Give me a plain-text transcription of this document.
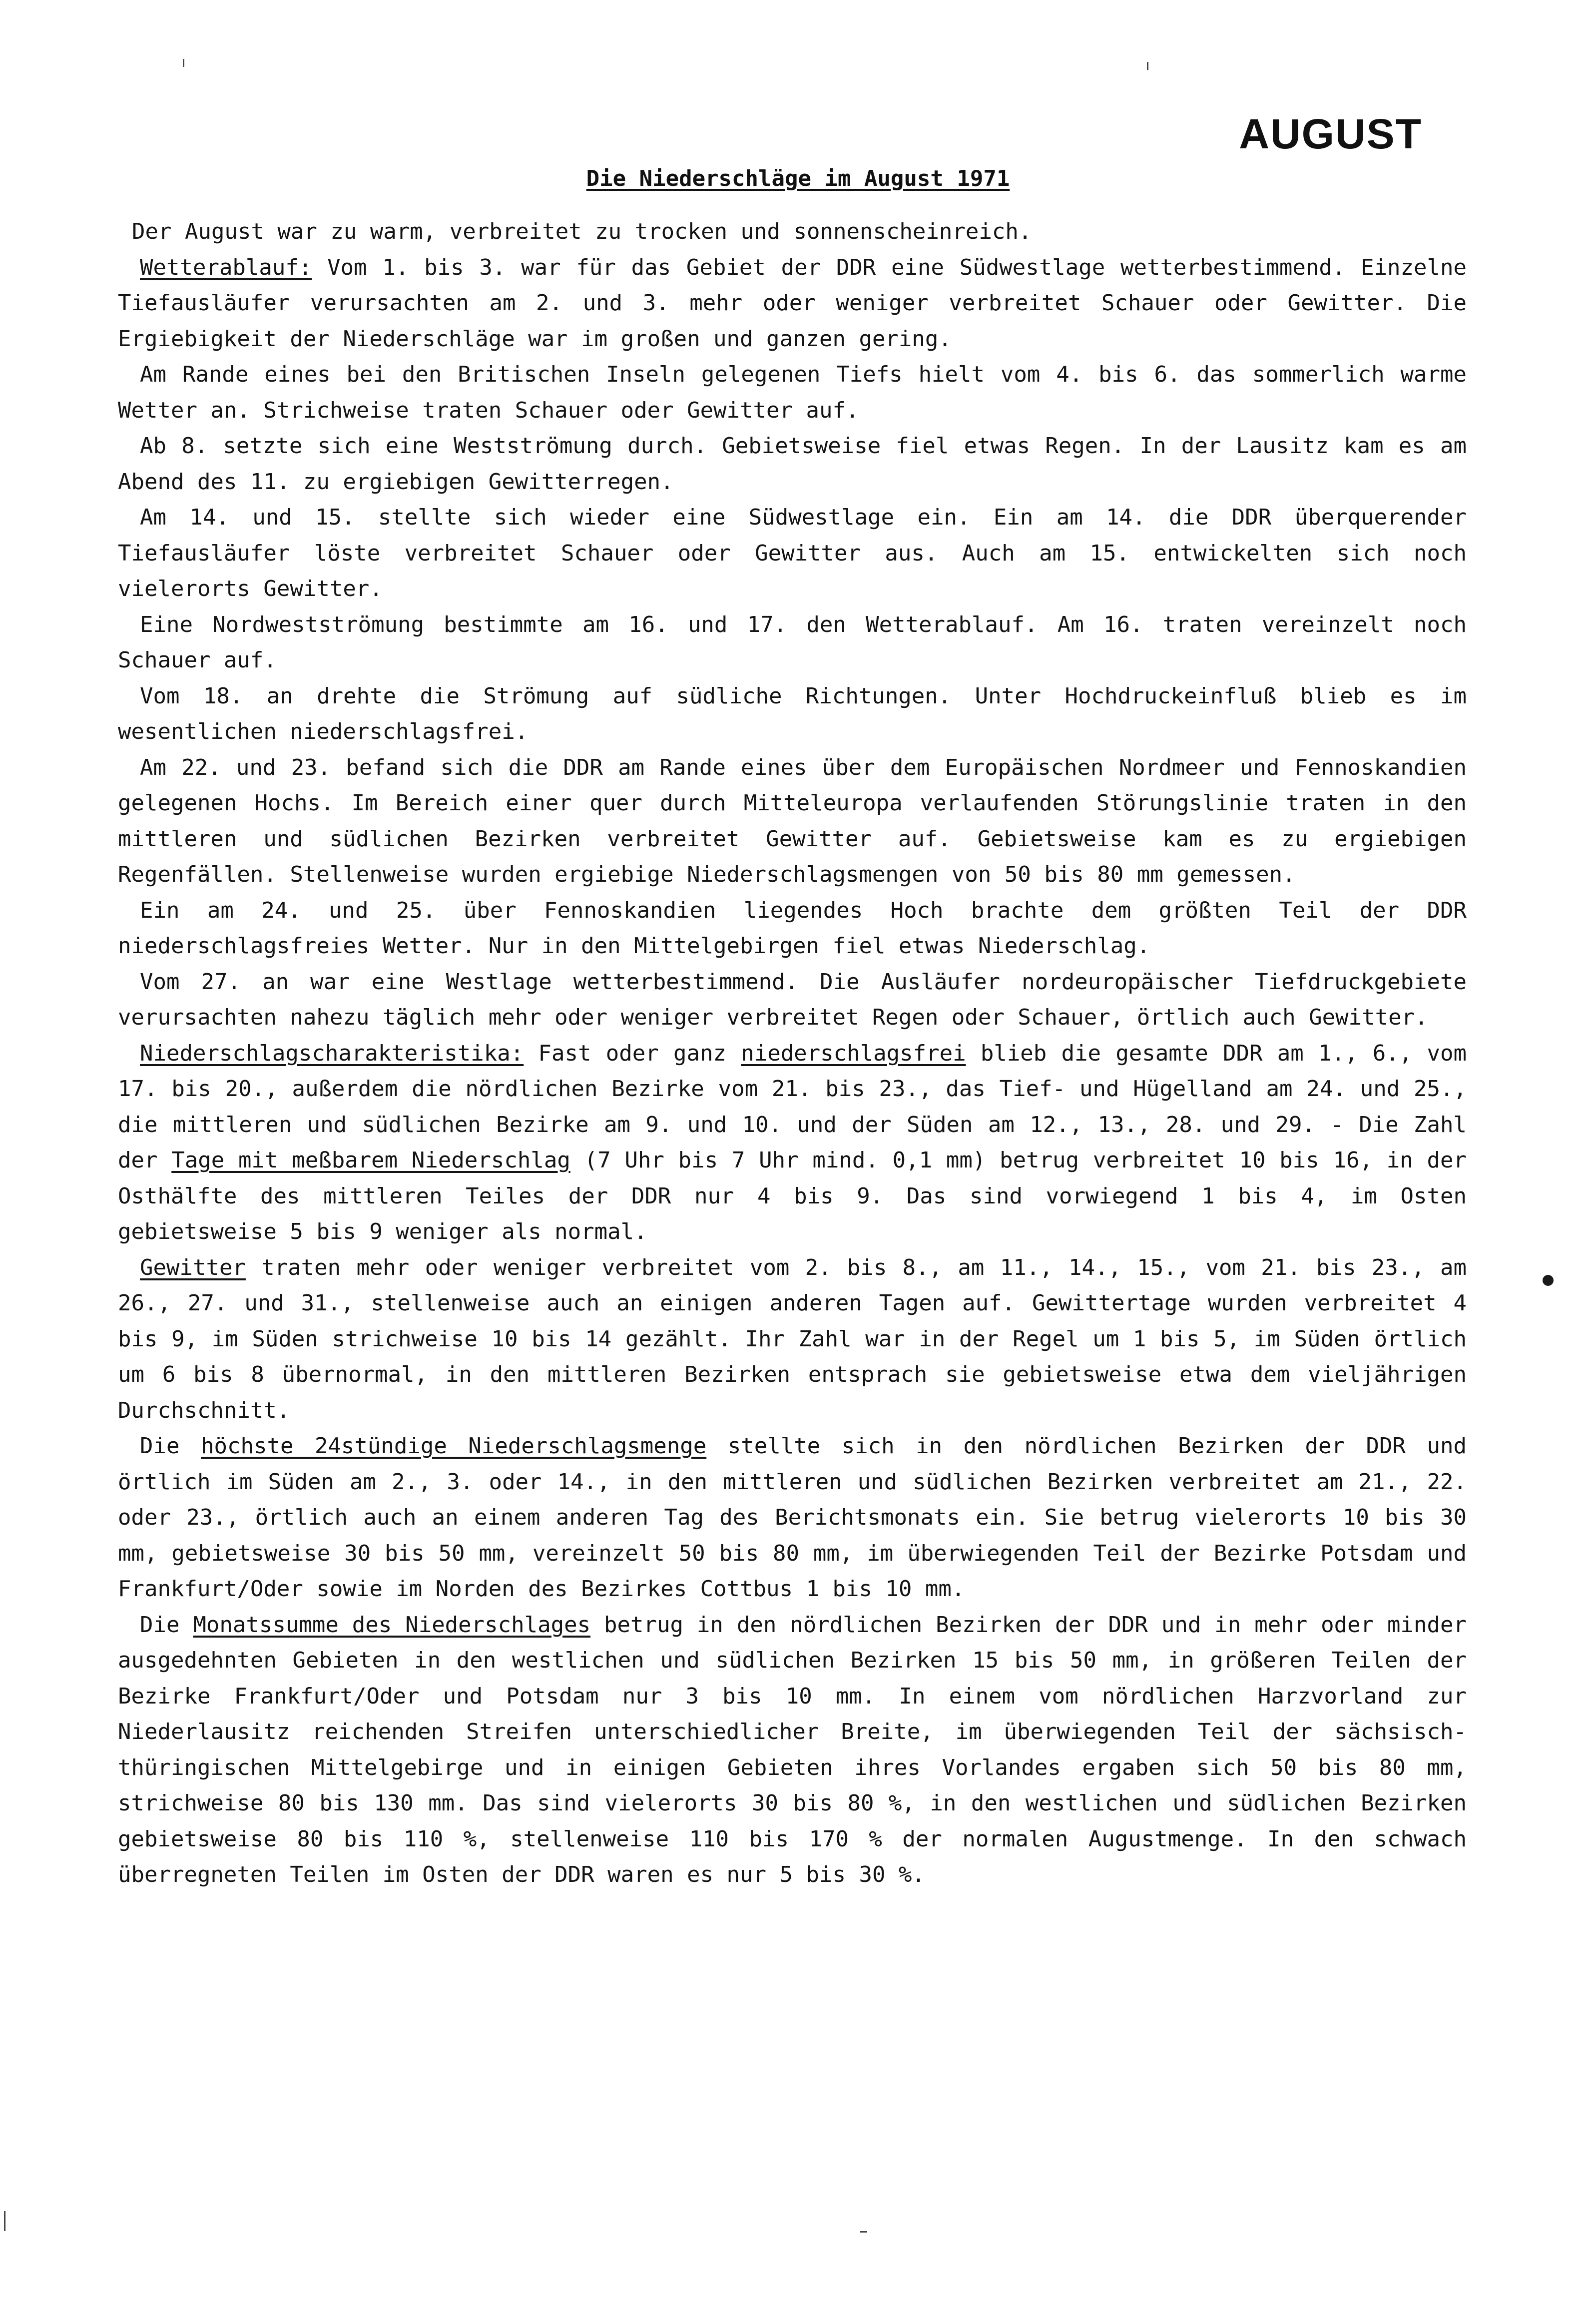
AUGUST
Die Niederschläge im August 1971

Der August war zu warm, verbreitet zu trocken und sonnenscheinreich.

Wetterablauf: Vom 1. bis 3. war für das Gebiet der DDR eine Südwestlage wetterbestimmend. Einzelne Tiefausläufer verursachten am 2. und 3. mehr oder weniger verbreitet Schauer oder Gewitter. Die Ergiebigkeit der Niederschläge war im großen und ganzen gering.

Am Rande eines bei den Britischen Inseln gelegenen Tiefs hielt vom 4. bis 6. das sommerlich warme Wetter an. Strichweise traten Schauer oder Gewitter auf.

Ab 8. setzte sich eine Westströmung durch. Gebietsweise fiel etwas Regen. In der Lausitz kam es am Abend des 11. zu ergiebigen Gewitterregen.

Am 14. und 15. stellte sich wieder eine Südwestlage ein. Ein am 14. die DDR überquerender Tiefausläufer löste verbreitet Schauer oder Gewitter aus. Auch am 15. entwickelten sich noch vielerorts Gewitter.

Eine Nordwestströmung bestimmte am 16. und 17. den Wetterablauf. Am 16. traten vereinzelt noch Schauer auf.

Vom 18. an drehte die Strömung auf südliche Richtungen. Unter Hochdruckeinfluß blieb es im wesentlichen niederschlagsfrei.

Am 22. und 23. befand sich die DDR am Rande eines über dem Europäischen Nordmeer und Fennoskandien gelegenen Hochs. Im Bereich einer quer durch Mitteleuropa verlaufenden Störungslinie traten in den mittleren und südlichen Bezirken verbreitet Gewitter auf. Gebietsweise kam es zu ergiebigen Regenfällen. Stellenweise wurden ergiebige Niederschlagsmengen von 50 bis 80 mm gemessen.

Ein am 24. und 25. über Fennoskandien liegendes Hoch brachte dem größten Teil der DDR niederschlagsfreies Wetter. Nur in den Mittelgebirgen fiel etwas Niederschlag.

Vom 27. an war eine Westlage wetterbestimmend. Die Ausläufer nordeuropäischer Tiefdruckgebiete verursachten nahezu täglich mehr oder weniger verbreitet Regen oder Schauer, örtlich auch Gewitter.

Niederschlagscharakteristika: Fast oder ganz niederschlagsfrei blieb die gesamte DDR am 1., 6., vom 17. bis 20., außerdem die nördlichen Bezirke vom 21. bis 23., das Tief- und Hügelland am 24. und 25., die mittleren und südlichen Bezirke am 9. und 10. und der Süden am 12., 13., 28. und 29. - Die Zahl der Tage mit meßbarem Niederschlag (7 Uhr bis 7 Uhr mind. 0,1 mm) betrug verbreitet 10 bis 16, in der Osthälfte des mittleren Teiles der DDR nur 4 bis 9. Das sind vorwiegend 1 bis 4, im Osten gebietsweise 5 bis 9 weniger als normal.

Gewitter traten mehr oder weniger verbreitet vom 2. bis 8., am 11., 14., 15., vom 21. bis 23., am 26., 27. und 31., stellenweise auch an einigen anderen Tagen auf. Gewittertage wurden verbreitet 4 bis 9, im Süden strichweise 10 bis 14 gezählt. Ihr Zahl war in der Regel um 1 bis 5, im Süden örtlich um 6 bis 8 übernormal, in den mittleren Bezirken entsprach sie gebietsweise etwa dem vieljährigen Durchschnitt.

Die höchste 24stündige Niederschlagsmenge stellte sich in den nördlichen Bezirken der DDR und örtlich im Süden am 2., 3. oder 14., in den mittleren und südlichen Bezirken verbreitet am 21., 22. oder 23., örtlich auch an einem anderen Tag des Berichtsmonats ein. Sie betrug vielerorts 10 bis 30 mm, gebietsweise 30 bis 50 mm, vereinzelt 50 bis 80 mm, im überwiegenden Teil der Bezirke Potsdam und Frankfurt/Oder sowie im Norden des Bezirkes Cottbus 1 bis 10 mm.

Die Monatssumme des Niederschlages betrug in den nördlichen Bezirken der DDR und in mehr oder minder ausgedehnten Gebieten in den westlichen und südlichen Bezirken 15 bis 50 mm, in größeren Teilen der Bezirke Frankfurt/Oder und Potsdam nur 3 bis 10 mm. In einem vom nördlichen Harzvorland zur Niederlausitz reichenden Streifen unterschiedlicher Breite, im überwiegenden Teil der sächsisch-thüringischen Mittelgebirge und in einigen Gebieten ihres Vorlandes ergaben sich 50 bis 80 mm, strichweise 80 bis 130 mm. Das sind vielerorts 30 bis 80 %, in den westlichen und südlichen Bezirken gebietsweise 80 bis 110 %, stellenweise 110 bis 170 % der normalen Augustmenge. In den schwach überregneten Teilen im Osten der DDR waren es nur 5 bis 30 %.
